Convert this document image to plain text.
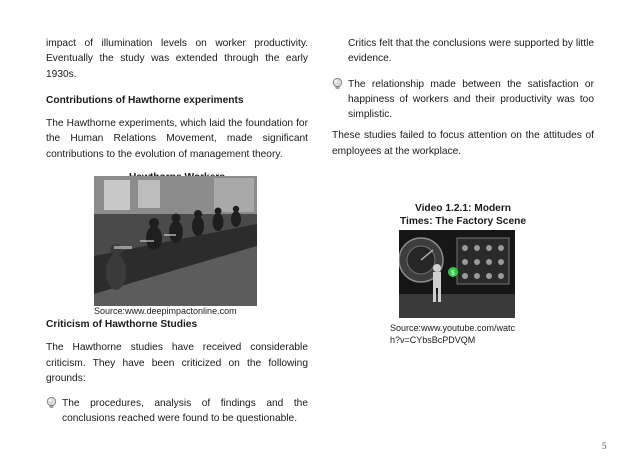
impact of illumination levels on worker productivity. Eventually the study was extended through the early 1930s.

Contributions of Hawthorne experiments

The Hawthorne experiments, which laid the foundation for the Human Relations Movement, made significant contributions to the evolution of management theory.

Source:www.deepimpactonline.com

Criticism of Hawthorne Studies

The Hawthorne studies have received considerable criticism. They have been criticized on the following grounds:

The procedures, analysis of findings and the conclusions reached were found to be questionable.

Critics felt that the conclusions were supported by little evidence.

The relationship made between the satisfaction or happiness of workers and their productivity was too simplistic.

These studies failed to focus attention on the attitudes of employees at the workplace.

Video 1.2.1: Modern
Times: The Factory Scene
$
Source:www.youtube.com/watc
h?v=CYbsBcPDVQM
5
